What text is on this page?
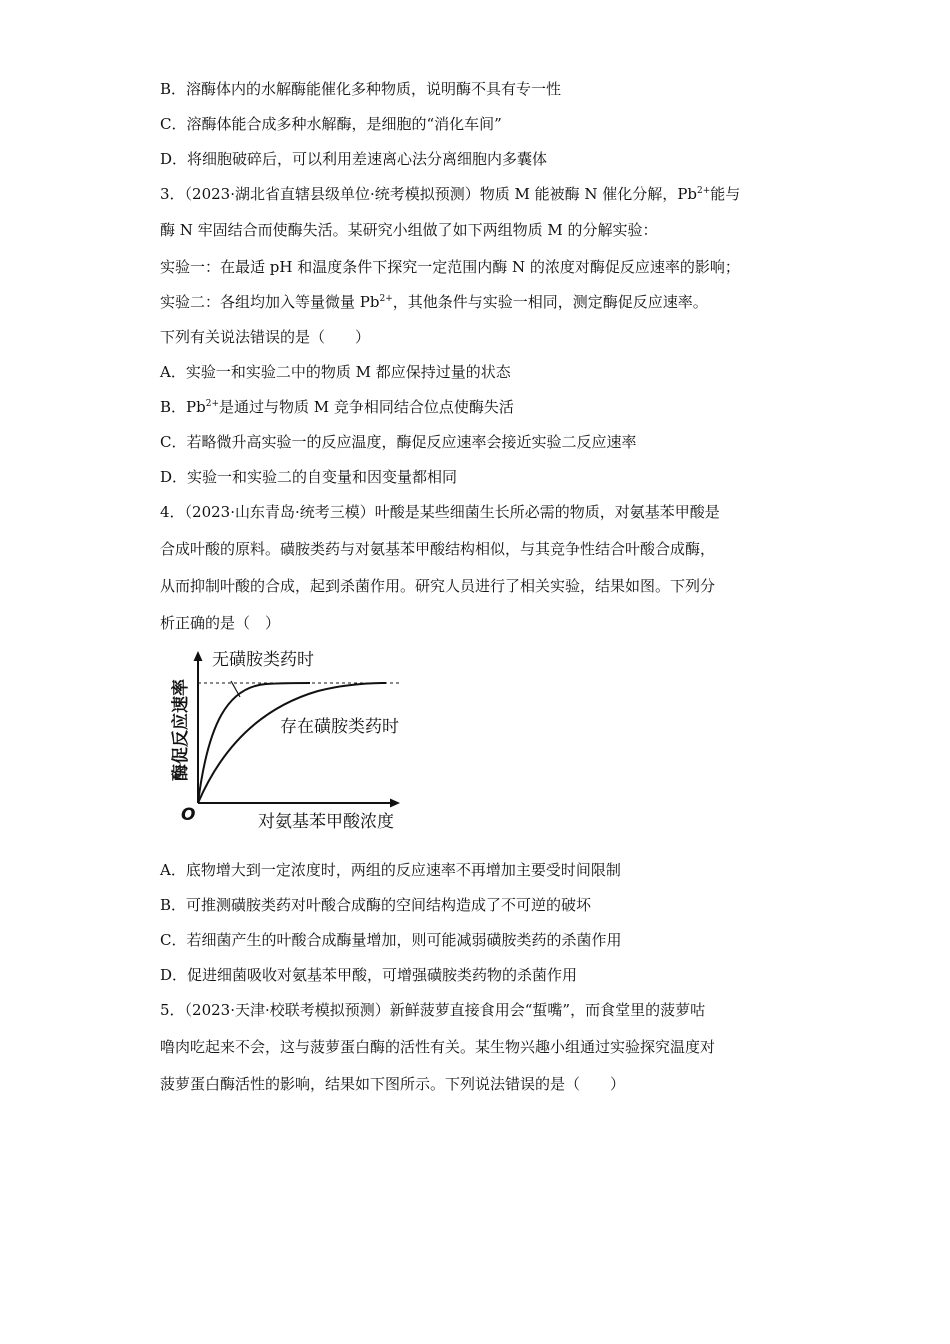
B．溶酶体内的水解酶能催化多种物质，说明酶不具有专一性
C．溶酶体能合成多种水解酶，是细胞的“消化车间”
D．将细胞破碎后，可以利用差速离心法分离细胞内多囊体
3．（2023·湖北省直辖县级单位·统考模拟预测）物质 M 能被酶 N 催化分解，$Pb^{2+}$能与
酶 N 牢固结合而使酶失活。某研究小组做了如下两组物质 M 的分解实验：
实验一：在最适 pH 和温度条件下探究一定范围内酶 N 的浓度对酶促反应速率的影响；
实验二：各组均加入等量微量 $Pb^{2+}$，其他条件与实验一相同，测定酶促反应速率。
下列有关说法错误的是（　　）
A．实验一和实验二中的物质 M 都应保持过量的状态
B．$Pb^{2+}$是通过与物质 M 竞争相同结合位点使酶失活
C．若略微升高实验一的反应温度，酶促反应速率会接近实验二反应速率
D．实验一和实验二的自变量和因变量都相同
4．（2023·山东青岛·统考三模）叶酸是某些细菌生长所必需的物质，对氨基苯甲酸是
合成叶酸的原料。磺胺类药与对氨基苯甲酸结构相似，与其竞争性结合叶酸合成酶，
从而抑制叶酸的合成，起到杀菌作用。研究人员进行了相关实验，结果如图。下列分
析正确的是（　）
A．底物增大到一定浓度时，两组的反应速率不再增加主要受时间限制
B．可推测磺胺类药对叶酸合成酶的空间结构造成了不可逆的破坏
C．若细菌产生的叶酸合成酶量增加，则可能减弱磺胺类药的杀菌作用
D．促进细菌吸收对氨基苯甲酸，可增强磺胺类药物的杀菌作用
5．（2023·天津·校联考模拟预测）新鲜菠萝直接食用会“蜇嘴”，而食堂里的菠萝咕
噜肉吃起来不会，这与菠萝蛋白酶的活性有关。某生物兴趣小组通过实验探究温度对
菠萝蛋白酶活性的影响，结果如下图所示。下列说法错误的是（　　）
无磺胺类药时
存在磺胺类药时
对氨基苯甲酸浓度
O
酶促反应速率
